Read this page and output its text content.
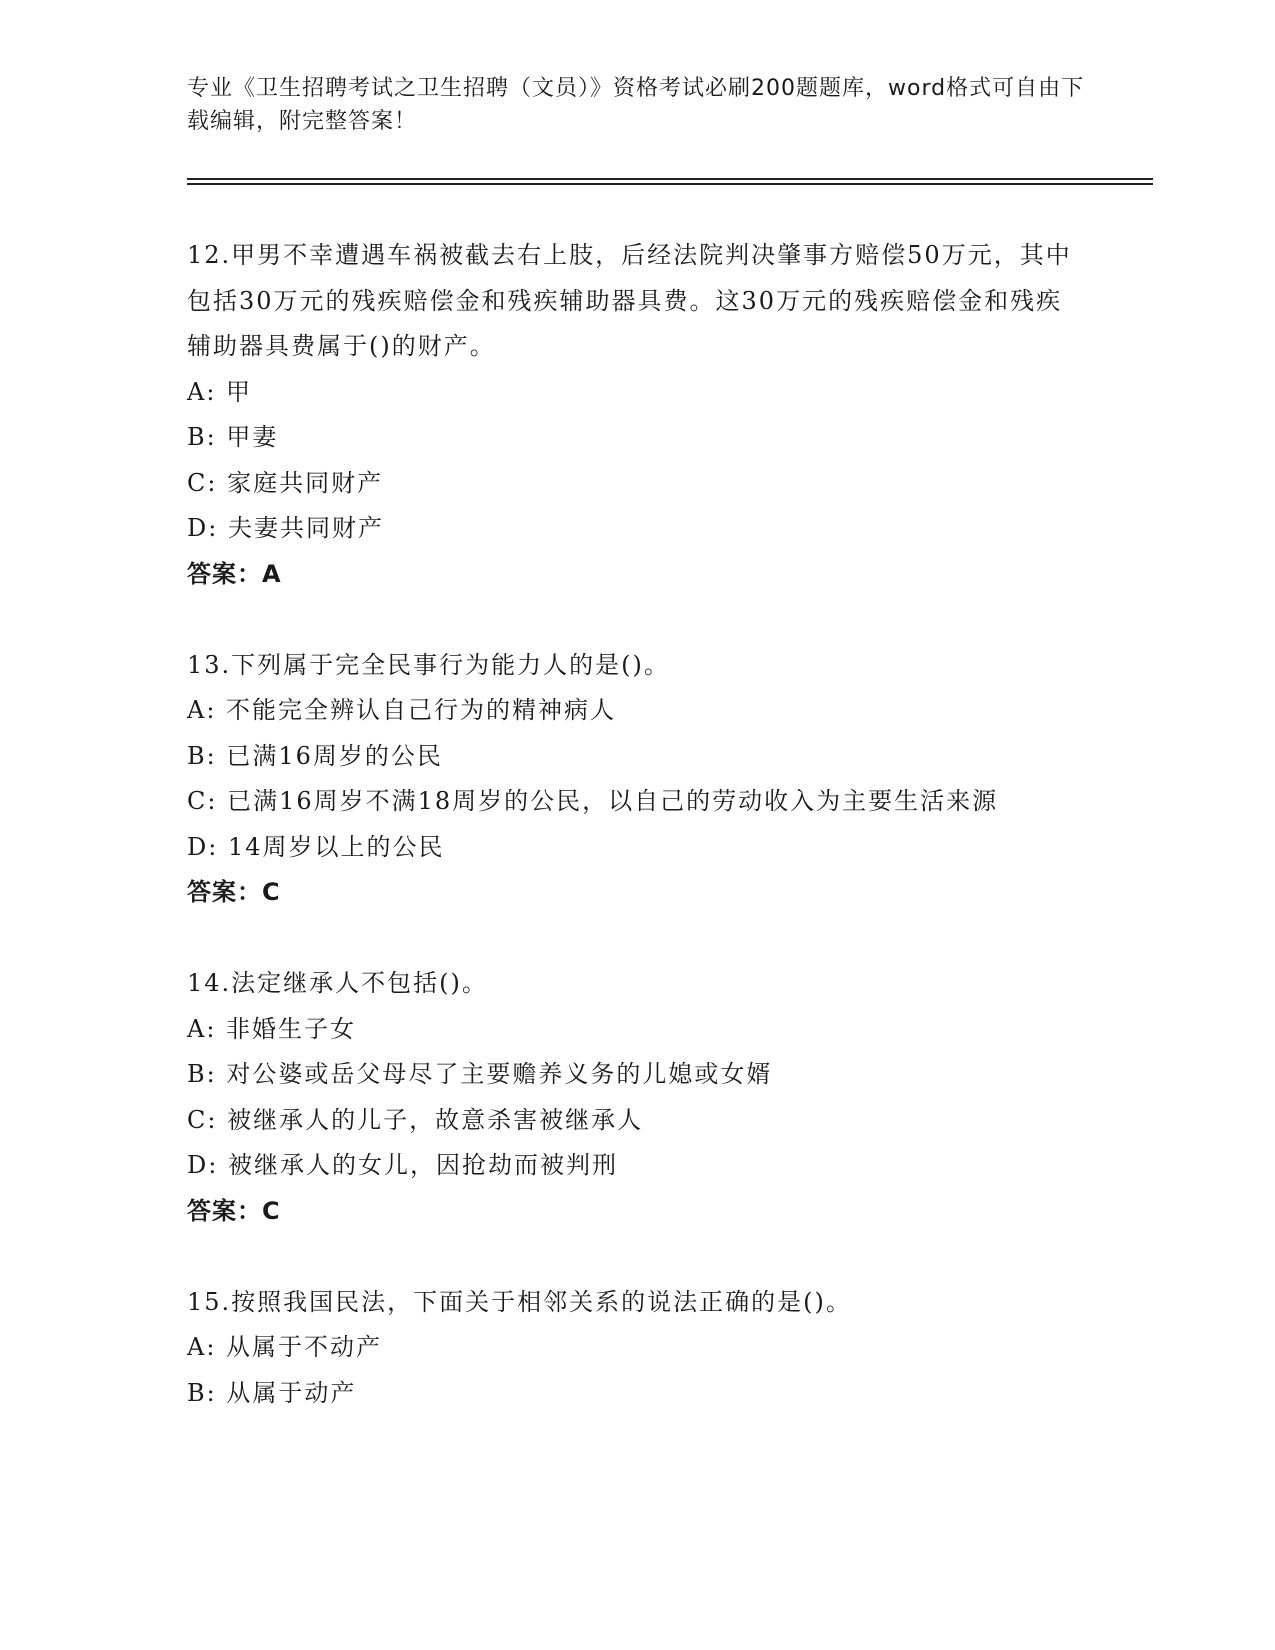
专业《卫生招聘考试之卫生招聘（文员）》资格考试必刷200题题库，word格式可自由下载编辑，附完整答案！

12.甲男不幸遭遇车祸被截去右上肢，后经法院判决肇事方赔偿50万元，其中包括30万元的残疾赔偿金和残疾辅助器具费。这30万元的残疾赔偿金和残疾辅助器具费属于()的财产。

A: 甲

B: 甲妻

C: 家庭共同财产

D: 夫妻共同财产

答案：A

13.下列属于完全民事行为能力人的是()。

A: 不能完全辨认自己行为的精神病人

B: 已满16周岁的公民

C: 已满16周岁不满18周岁的公民，以自己的劳动收入为主要生活来源

D: 14周岁以上的公民

答案：C

14.法定继承人不包括()。

A: 非婚生子女

B: 对公婆或岳父母尽了主要赡养义务的儿媳或女婿

C: 被继承人的儿子，故意杀害被继承人

D: 被继承人的女儿，因抢劫而被判刑

答案：C

15.按照我国民法，下面关于相邻关系的说法正确的是()。

A: 从属于不动产

B: 从属于动产
